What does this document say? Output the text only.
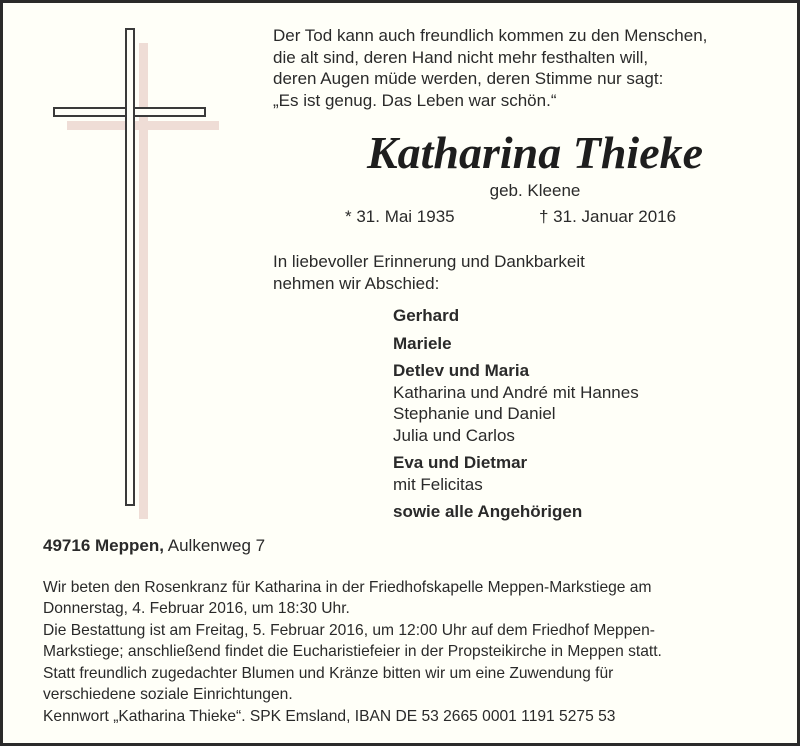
Der Tod kann auch freundlich kommen zu den Menschen,
die alt sind, deren Hand nicht mehr festhalten will,
deren Augen müde werden, deren Stimme nur sagt:
„Es ist genug. Das Leben war schön.“
Katharina Thieke
geb. Kleene
* 31. Mai 1935	† 31. Januar 2016
In liebevoller Erinnerung und Dankbarkeit
nehmen wir Abschied:
Gerhard
Mariele
Detlev und Maria
Katharina und André mit Hannes
Stephanie und Daniel
Julia und Carlos
Eva und Dietmar
mit Felicitas
sowie alle Angehörigen
49716 Meppen, Aulkenweg 7

Wir beten den Rosenkranz für Katharina in der Friedhofskapelle Meppen-Markstiege am
Donnerstag, 4. Februar 2016, um 18:30 Uhr.

Die Bestattung ist am Freitag, 5. Februar 2016, um 12:00 Uhr auf dem Friedhof Meppen-
Markstiege; anschließend findet die Eucharistiefeier in der Propsteikirche in Meppen statt.

Statt freundlich zugedachter Blumen und Kränze bitten wir um eine Zuwendung für
verschiedene soziale Einrichtungen.

Kennwort „Katharina Thieke“. SPK Emsland, IBAN DE 53 2665 0001 1191 5275 53
